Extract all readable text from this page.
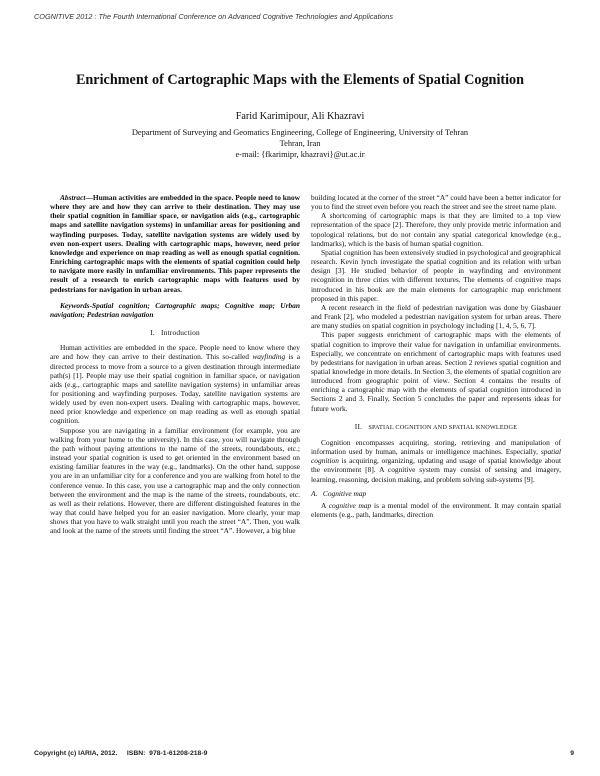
COGNITIVE 2012 : The Fourth International Conference on Advanced Cognitive Technologies and Applications
Enrichment of Cartographic Maps with the Elements of Spatial Cognition
Farid Karimipour, Ali Khazravi
Department of Surveying and Geomatics Engineering, College of Engineering, University of Tehran
Tehran, Iran
e-mail: {fkarimipr, khazravi}@ut.ac.ir

Abstract—Human activities are embedded in the space. People need to know where they are and how they can arrive to their destination. They may use their spatial cognition in familiar space, or navigation aids (e.g., cartographic maps and satellite navigation systems) in unfamiliar areas for positioning and wayfinding purposes. Today, satellite navigation systems are widely used by even non-expert users. Dealing with cartographic maps, however, need prior knowledge and experience on map reading as well as enough spatial cognition. Enriching cartographic maps with the elements of spatial cognition could help to navigate more easily in unfamiliar environments. This paper represents the result of a research to enrich cartographic maps with features used by pedestrians for navigation in urban areas.

Keywords-Spatial cognition; Cartographic maps; Cognitive map; Urban navigation; Pedestrian navigation

I. Introduction

Human activities are embedded in the space. People need to know where they are and how they can arrive to their destination. This so-called wayfinding is a directed process to move from a source to a given destination through intermediate path(s) [1]. People may use their spatial cognition in familiar space, or navigation aids (e.g., cartographic maps and satellite navigation systems) in unfamiliar areas for positioning and wayfinding purposes. Today, satellite navigation systems are widely used by even non-expert users. Dealing with cartographic maps, however, need prior knowledge and experience on map reading as well as enough spatial cognition.

Suppose you are navigating in a familiar environment (for example, you are walking from your home to the university). In this case, you will navigate through the path without paying attentions to the name of the streets, roundabouts, etc.; instead your spatial cognition is used to get oriented in the environment based on existing familiar features in the way (e.g., landmarks). On the other hand, suppose you are in an unfamiliar city for a conference and you are walking from hotel to the conference venue. In this case, you use a cartographic map and the only connection between the environment and the map is the name of the streets, roundabouts, etc. as well as their relations. However, there are different distinguished features in the way that could have helped you for an easier navigation. More clearly, your map shows that you have to walk straight until you reach the street “A”. Then, you walk and look at the name of the streets until finding the street “A”. However, a big blue

building located at the corner of the street “A” could have been a better indicator for you to find the street even before you reach the street and see the street name plate.

A shortcoming of cartographic maps is that they are limited to a top view representation of the space [2]. Therefore, they only provide metric information and topological relations, but do not contain any spatial categorical knowledge (e.g., landmarks), which is the basis of human spatial cognition.

Spatial cognition has been extensively studied in psychological and geographical research. Kevin lynch investigate the spatial cognition and its relation with urban design [3]. He studied behavior of people in wayfinding and environment recognition in three cities with different textures. The elements of cognitive maps introduced in his book are the main elements for cartographic map enrichment proposed in this paper.

A recent research in the field of pedestrian navigation was done by Giasbauer and Frank [2], who modeled a pedestrian navigation system for urban areas. There are many studies on spatial cognition in psychology including [1, 4, 5, 6, 7].

This paper suggests enrichment of cartographic maps with the elements of spatial cognition to improve their value for navigation in unfamiliar environments. Especially, we concentrate on enrichment of cartographic maps with features used by pedestrians for navigation in urban areas. Section 2 reviews spatial cognition and spatial knowledge in more details. In Section 3, the elements of spatial cognition are introduced from geographic point of view. Section 4 contains the results of enriching a cartographic map with the elements of spatial cognition introduced in Sections 2 and 3. Finally, Section 5 concludes the paper and represents ideas for future work.

II. SPATIAL COGNITION AND SPATIAL KNOWLEDGE

Cognition encompasses acquiring, storing, retrieving and manipulation of information used by human, animals or intelligence machines. Especially, spatial cognition is acquiring, organizing, updating and usage of spatial knowledge about the environment [8]. A cognitive system may consist of sensing and imagery, learning, reasoning, decision making, and problem solving sub-systems [9].

A. Cognitive map

A cognitive map is a mental model of the environment. It may contain spatial elements (e.g., path, landmarks, direction

Copyright (c) IARIA, 2012.     ISBN:  978-1-61208-218-9	9
